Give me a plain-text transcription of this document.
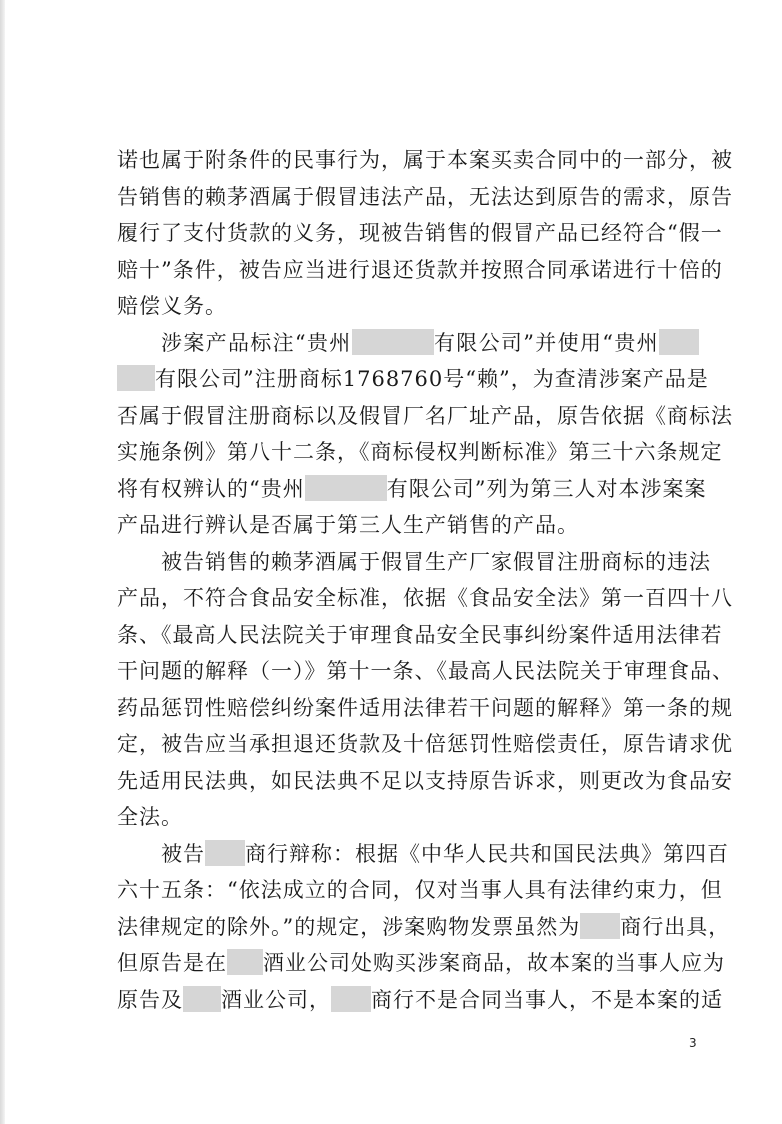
诺也属于附条件的民事行为，属于本案买卖合同中的一部分，被
告销售的赖茅酒属于假冒违法产品，无法达到原告的需求，原告
履行了支付货款的义务，现被告销售的假冒产品已经符合“假一
赔十”条件，被告应当进行退还货款并按照合同承诺进行十倍的
赔偿义务。

涉案产品标注“贵州	有限公司”并使用“贵州
有限公司”注册商标1768760号“赖”，为查清涉案产品是
否属于假冒注册商标以及假冒厂名厂址产品，原告依据《商标法
实施条例》第八十二条，《商标侵权判断标准》第三十六条规定
将有权辨认的“贵州	有限公司”列为第三人对本涉案案
产品进行辨认是否属于第三人生产销售的产品。

被告销售的赖茅酒属于假冒生产厂家假冒注册商标的违法
产品，不符合食品安全标准，依据《食品安全法》第一百四十八
条、《最高人民法院关于审理食品安全民事纠纷案件适用法律若
干问题的解释（一）》第十一条、《最高人民法院关于审理食品、
药品惩罚性赔偿纠纷案件适用法律若干问题的解释》第一条的规
定，被告应当承担退还货款及十倍惩罚性赔偿责任，原告请求优
先适用民法典，如民法典不足以支持原告诉求，则更改为食品安
全法。

被告 商行辩称：根据《中华人民共和国民法典》第四百
六十五条：“依法成立的合同，仅对当事人具有法律约束力，但
法律规定的除外。”的规定，涉案购物发票虽然为 商行出具，
但原告是在 酒业公司处购买涉案商品，故本案的当事人应为
原告及 酒业公司， 商行不是合同当事人，不是本案的适

3
